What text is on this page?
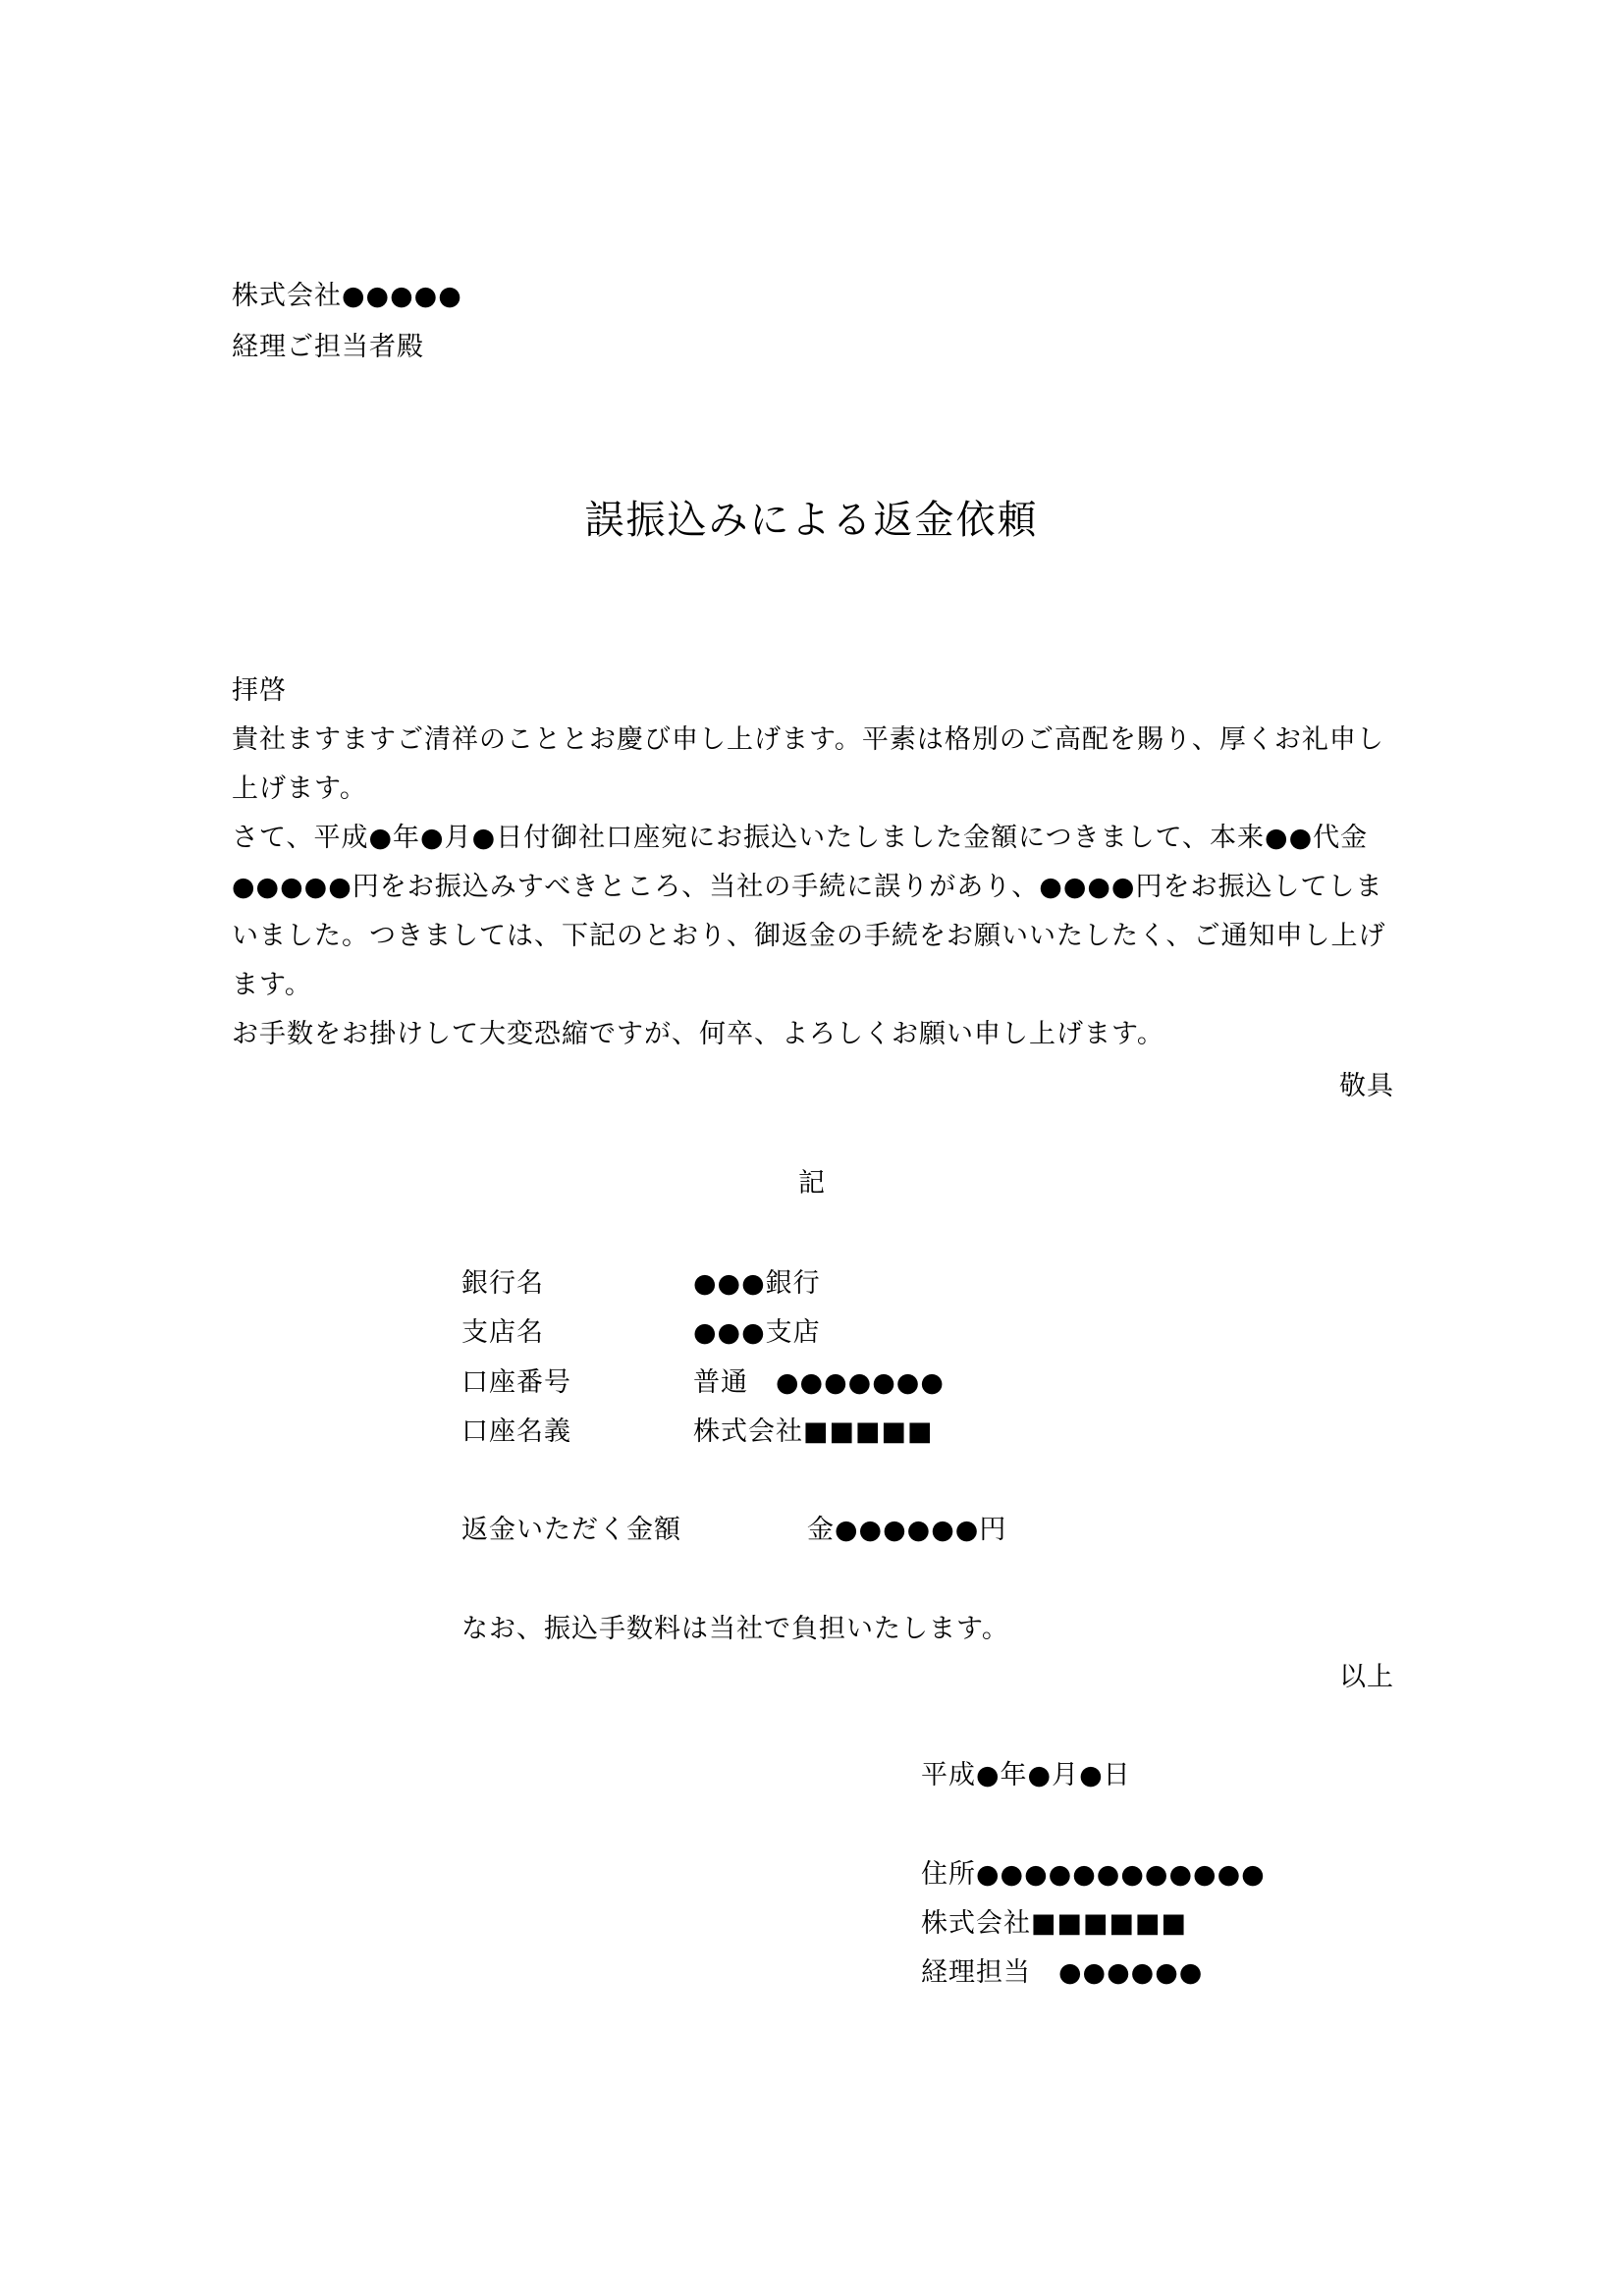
株式会社●●●●●
経理ご担当者殿
誤振込みによる返金依頼
拝啓

貴社ますますご清祥のこととお慶び申し上げます。平素は格別のご高配を賜り、厚くお礼申し上げます。

さて、平成●年●月●日付御社口座宛にお振込いたしました金額につきまして、本来●●代金●●●●●円をお振込みすべきところ、当社の手続に誤りがあり、●●●●円をお振込してしまいました。つきましては、下記のとおり、御返金の手続をお願いいたしたく、ご通知申し上げます。

お手数をお掛けして大変恐縮ですが、何卒、よろしくお願い申し上げます。

敬具
記
銀行名	●●●銀行
支店名	●●●支店
口座番号	普通　●●●●●●●
口座名義	株式会社■■■■■
返金いただく金額	金●●●●●●円
なお、振込手数料は当社で負担いたします。
以上
平成●年●月●日
住所●●●●●●●●●●●●
株式会社■■■■■■
経理担当　●●●●●●
